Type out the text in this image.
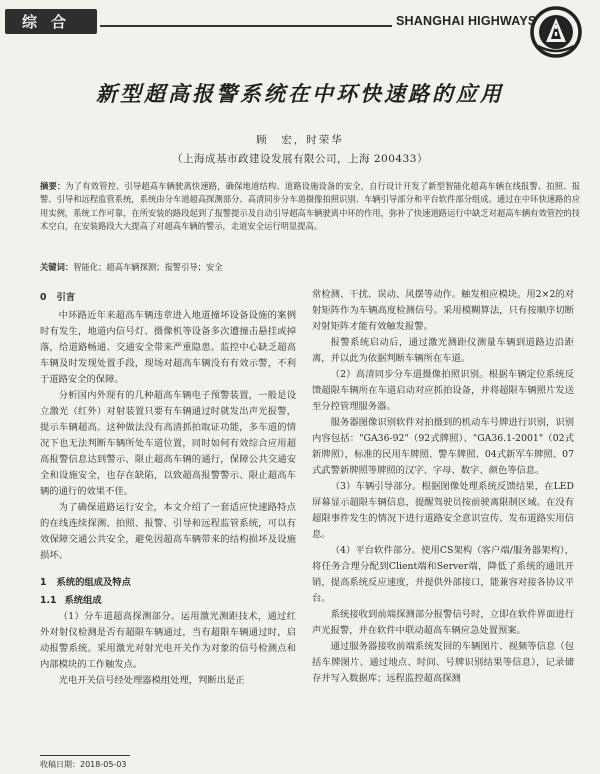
综合	SHANGHAI HIGHWAYS
新型超高报警系统在中环快速路的应用
顾　宏，时荣华
（上海成基市政建设发展有限公司，上海 200433）
摘要：为了有效管控、引导超高车辆驶离快速路，确保地道结构、道路设施设备的安全，自行设计开发了新型智能化超高车辆在线报警、拍照、报警、引导和远程监管系统，系统由分车道超高探测部分、高清同步分车道摄像拍照识别、车辆引导部分和平台软件部分组成。通过在中环快速路的应用实例，系统工作可靠，在所安装的路段起到了报警提示及自动引导超高车辆驶离中环的作用，弥补了快速道路运行中缺乏对超高车辆有效管控的技术空白，在安装路段大大提高了对超高车辆的警示，走道安全运行明显提高。
关键词：智能化；超高车辆探测；报警引导；安全
0 引言

中环路近年来超高车辆违章进入地道撞坏设备设施的案例时有发生，地道内信号灯、摄像机等设备多次遭撞击悬挂或掉落，给道路畅通、交通安全带来严重隐患。监控中心缺乏超高车辆及时发现处置手段，现场对超高车辆没有有效示警，不利于道路安全的保障。

分析国内外现有的几种超高车辆电子预警装置，一般是设立激光（红外）对射装置只要有车辆通过时就发出声光报警，提示车辆超高。这种做法没有高清抓拍取证功能，多车道的情况下也无法判断车辆所处车道位置，同时如何有效综合应用超高报警信息达到警示、限止超高车辆的通行，保障公共交通安全和设施安全，也存在缺陷，以致超高报警警示、限止超高车辆的通行的效果不佳。

为了确保道路运行安全，本文介绍了一套适应快速路特点的在线连续探测、拍照、报警、引导和远程监管系统，可以有效保障交通公共安全，避免因超高车辆带来的结构损坏及设施损坏。

1 系统的组成及特点
1.1 系统组成

（1）分车道超高探测部分。运用激光测距技术，通过红外对射仪检测是否有超限车辆通过，当有超限车辆通过时，启动报警系统。采用激光对射光电开关作为对象的信号检测点和内部模块的工作触发点。

光电开关信号经处理器模组处理，判断出是正

常检测、干扰、误动、风摆等动作。触发相应模块。用2×2的对射矩阵作为车辆高度检测信号。采用模糊算法，只有按顺序切断对射矩阵才能有效触发报警。

报警系统启动后，通过激光测距仪测量车辆到道路边沿距离，并以此为依据判断车辆所在车道。

（2）高清同步分车道摄像拍照识别。根据车辆定位系统反馈超限车辆所在车道启动对应抓拍设备，并将超限车辆照片发送至分控管理服务器。

服务器图像识别软件对拍摄到的机动车号牌进行识别，识别内容包括："GA36-92"（92式牌照）、"GA36.1-2001"（02式新牌照），标准的民用车牌照、警车牌照、04式新军车牌照、07式武警新牌照等牌照的汉字、字母、数字、颜色等信息。

（3）车辆引导部分。根据图像处理系统反馈结果，在LED屏幕显示超限车辆信息，提醒驾驶员按前驶离限制区域。在没有超限事件发生的情况下进行道路安全意识宣传、发布道路实用信息。

（4）平台软件部分。使用CS架构（客户端/服务器架构），将任务合理分配到Client端和Server端，降低了系统的通讯开销，提高系统反应速度，并提供外部接口，能兼容对接各协议平台。

系统接收到前端探测部分报警信号时，立即在软件界面进行声光报警，并在软件中联动超高车辆应急处置预案。

通过服务器接收前端系统发回的车辆图片、视频等信息（包括车牌图片、通过地点、时间、号牌识别结果等信息），记录储存并写入数据库；远程监控超高探测

收稿日期：2018-05-03
